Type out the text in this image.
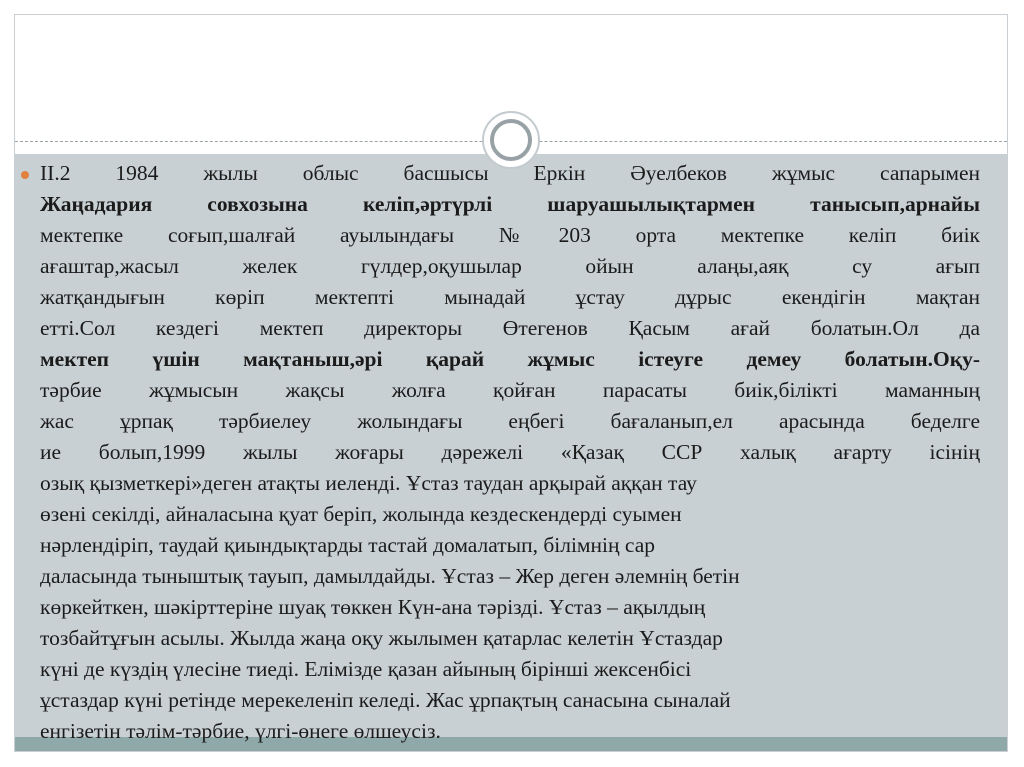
II.2 1984 жылы облыс басшысы Еркін Әуелбеков жұмыс сапарымен
Жаңадария совхозына келіп,әртүрлі шаруашылықтармен танысып,арнайы
мектепке соғып,шалғай ауылындағы №203 орта мектепке келіп биік
ағаштар,жасыл желек гүлдер,оқушылар ойын алаңы,аяқ су ағып
жатқандығын көріп мектепті мынадай ұстау дұрыс екендігін мақтан
етті.Сол кездегі мектеп директоры Өтегенов Қасым ағай болатын.Ол да
мектеп үшін мақтаныш,әрі қарай жұмыс істеуге демеу болатын.Оқу-
тәрбие жұмысын жақсы жолға қойған парасаты биік,білікті маманның
жас ұрпақ тәрбиелеу жолындағы еңбегі бағаланып,ел арасында беделге
ие болып,1999 жылы жоғары дәрежелі «Қазақ ССР халық ағарту ісінің
озық қызметкері»деген атақты иеленді. Ұстаз таудан арқырай аққан тау
өзені секілді, айналасына қуат беріп, жолында кездескендерді суымен
нәрлендіріп, таудай қиындықтарды тастай домалатып, білімнің сар
даласында тыныштық тауып, дамылдайды. Ұстаз – Жер деген әлемнің бетін
көркейткен, шәкірттеріне шуақ төккен Күн-ана тәрізді. Ұстаз – ақылдың
тозбайтұғын асылы. Жылда жаңа оқу жылымен қатарлас келетін Ұстаздар
күні де күздің үлесіне тиеді. Елімізде қазан айының бірінші жексенбісі
ұстаздар күні ретінде мерекеленіп келеді. Жас ұрпақтың санасына сыналай
енгізетін тәлім-тәрбие, үлгі-өнеге өлшеусіз.
